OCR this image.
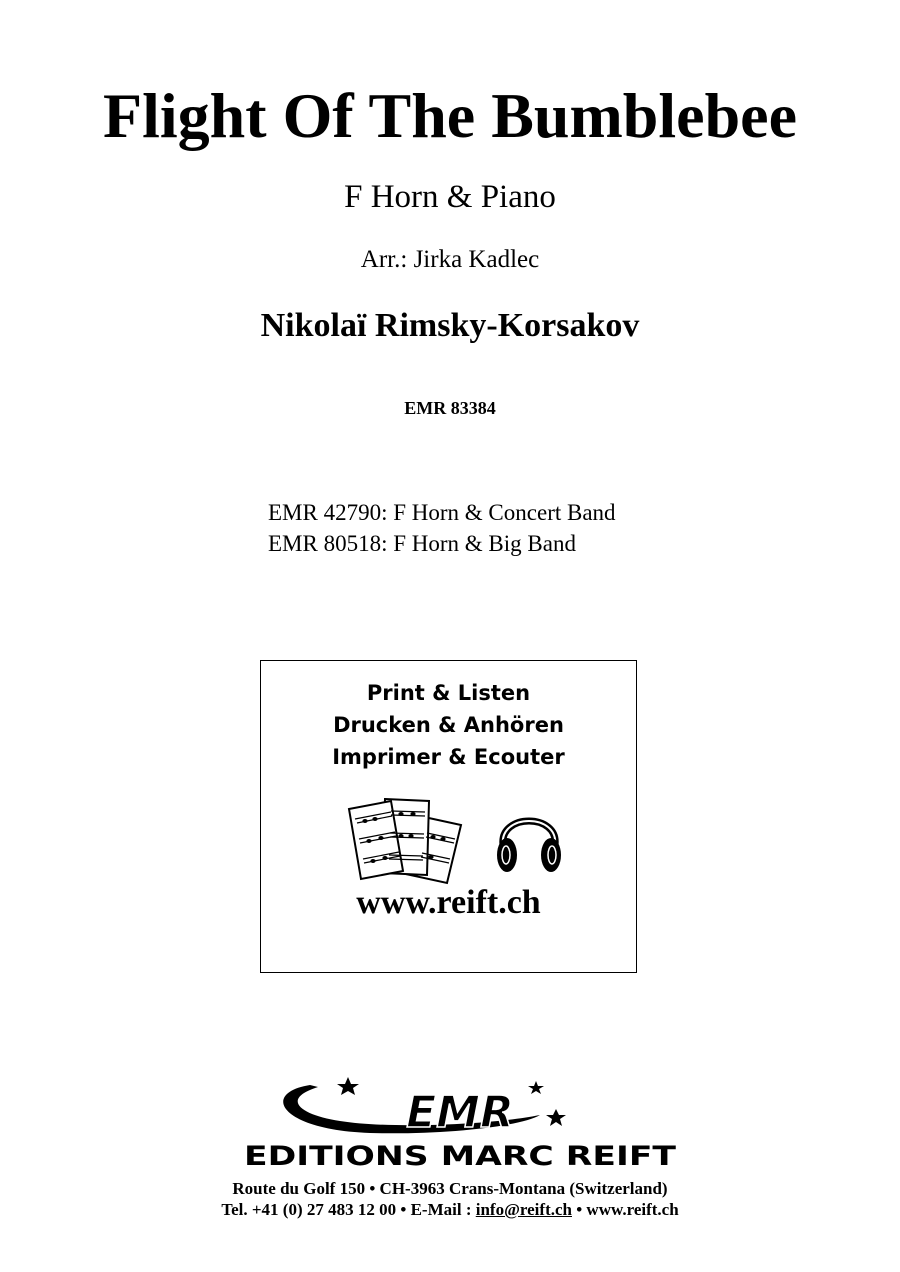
Flight Of The Bumblebee
F Horn & Piano
Arr.: Jirka Kadlec
Nikolaï Rimsky-Korsakov
EMR 83384
EMR 42790: F Horn & Concert Band
EMR 80518: F Horn & Big Band
Print & Listen
Drucken & Anhören
Imprimer & Ecouter
www.reift.ch
EMR
EDITIONS MARC REIFT
Route du Golf 150 • CH-3963 Crans-Montana (Switzerland)
Tel. +41 (0) 27 483 12 00 • E-Mail : info@reift.ch • www.reift.ch
